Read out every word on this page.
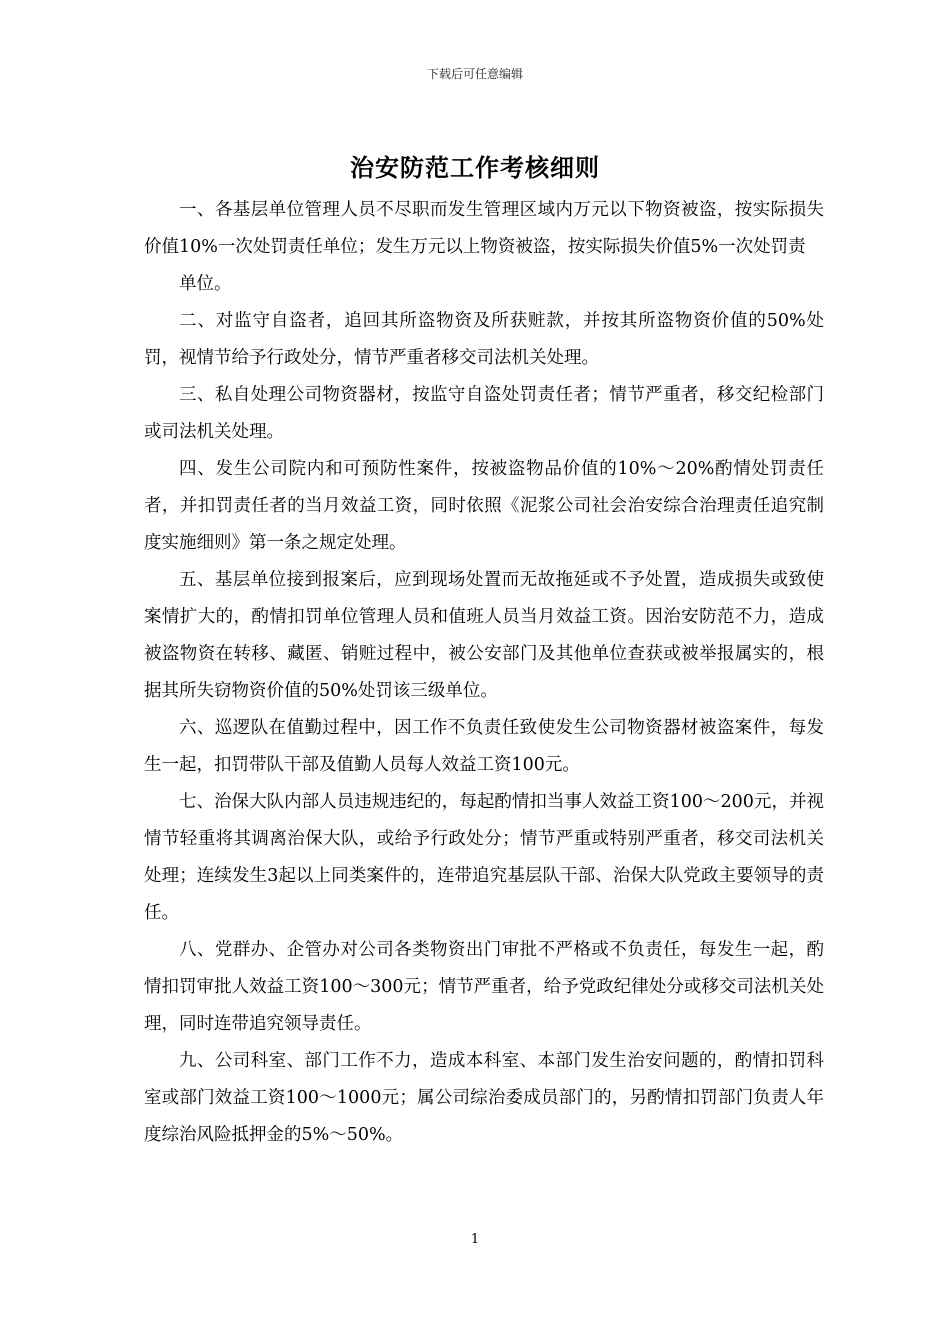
下载后可任意编辑
治安防范工作考核细则

一、各基层单位管理人员不尽职而发生管理区域内万元以下物资被盗，按实际损失价值10%一次处罚责任单位；发生万元以上物资被盗，按实际损失价值5%一次处罚责

单位。

二、对监守自盗者，追回其所盗物资及所获赃款，并按其所盗物资价值的50%处罚，视情节给予行政处分，情节严重者移交司法机关处理。

三、私自处理公司物资器材，按监守自盗处罚责任者；情节严重者，移交纪检部门或司法机关处理。

四、发生公司院内和可预防性案件，按被盗物品价值的10%～20%酌情处罚责任者，并扣罚责任者的当月效益工资，同时依照《泥浆公司社会治安综合治理责任追究制度实施细则》第一条之规定处理。

五、基层单位接到报案后，应到现场处置而无故拖延或不予处置，造成损失或致使案情扩大的，酌情扣罚单位管理人员和值班人员当月效益工资。因治安防范不力，造成被盗物资在转移、藏匿、销赃过程中，被公安部门及其他单位查获或被举报属实的，根据其所失窃物资价值的50%处罚该三级单位。

六、巡逻队在值勤过程中，因工作不负责任致使发生公司物资器材被盗案件，每发生一起，扣罚带队干部及值勤人员每人效益工资100元。

七、治保大队内部人员违规违纪的，每起酌情扣当事人效益工资100～200元，并视情节轻重将其调离治保大队，或给予行政处分；情节严重或特别严重者，移交司法机关处理；连续发生3起以上同类案件的，连带追究基层队干部、治保大队党政主要领导的责任。

八、党群办、企管办对公司各类物资出门审批不严格或不负责任，每发生一起，酌情扣罚审批人效益工资100～300元；情节严重者，给予党政纪律处分或移交司法机关处理，同时连带追究领导责任。

九、公司科室、部门工作不力，造成本科室、本部门发生治安问题的，酌情扣罚科室或部门效益工资100～1000元；属公司综治委成员部门的，另酌情扣罚部门负责人年度综治风险抵押金的5%～50%。

1
